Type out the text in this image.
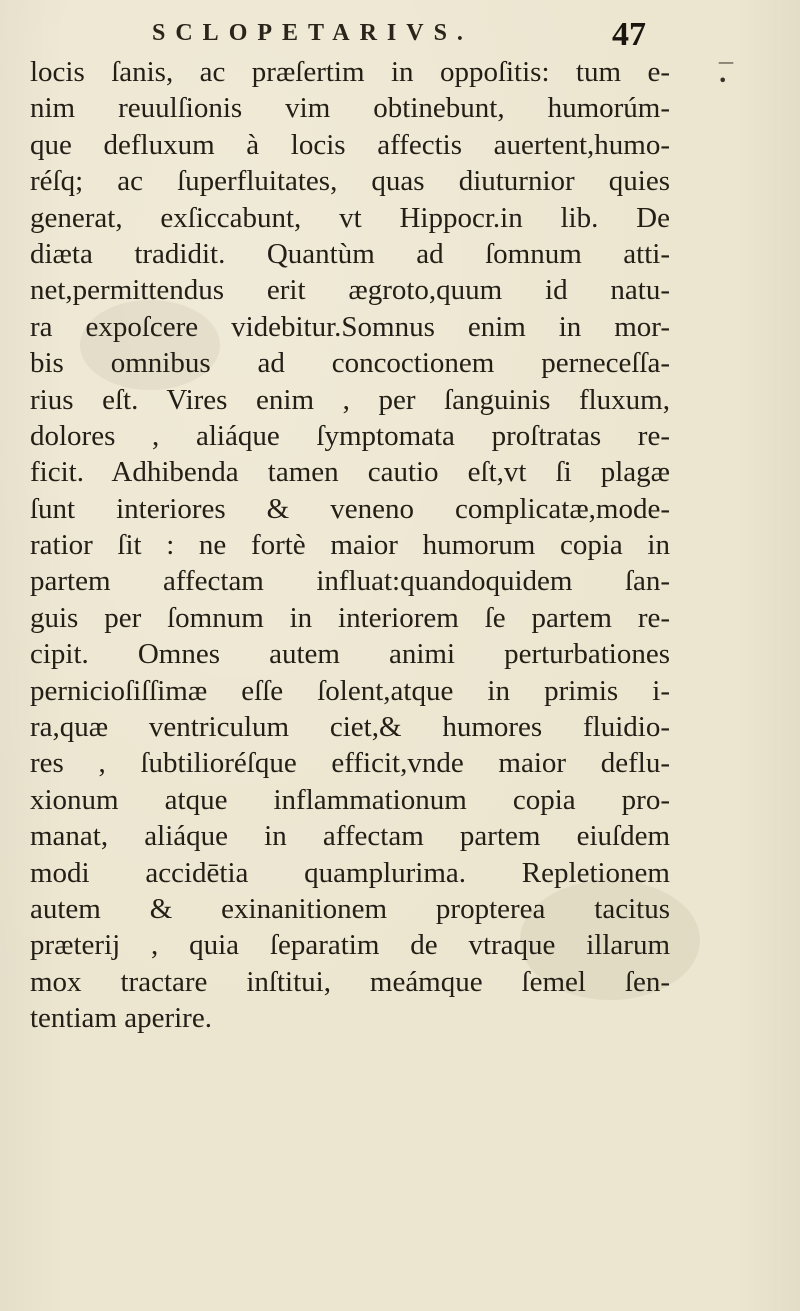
SCLOPETARIVS.	47
—•
locis ſanis, ac præſertim in oppoſitis: tum e-
nim reuulſionis vim obtinebunt, humorúm-
que defluxum à locis affectis auertent,humo-
réſq; ac ſuperfluitates, quas diuturnior quies
generat, exſiccabunt, vt Hippocr.in lib. De
diæta tradidit. Quantùm ad ſomnum atti-
net,permittendus erit ægroto,quum id natu-
ra expoſcere videbitur.Somnus enim in mor-
bis omnibus ad concoctionem perneceſſa-
rius eſt. Vires enim , per ſanguinis fluxum,
dolores , aliáque ſymptomata proſtratas re-
ficit. Adhibenda tamen cautio eſt,vt ſi plagæ
ſunt interiores & veneno complicatæ,mode-
ratior ſit : ne fortè maior humorum copia in
partem affectam influat:quandoquidem ſan-
guis per ſomnum in interiorem ſe partem re-
cipit. Omnes autem animi perturbationes
pernicioſiſſimæ eſſe ſolent,atque in primis i-
ra,quæ ventriculum ciet,& humores fluidio-
res , ſubtilioréſque efficit,vnde maior deflu-
xionum atque inflammationum copia pro-
manat, aliáque in affectam partem eiuſdem
modi accidētia quamplurima. Repletionem
autem & exinanitionem propterea tacitus
præterij , quia ſeparatim de vtraque illarum
mox tractare inſtitui, meámque ſemel ſen-
tentiam aperire.
